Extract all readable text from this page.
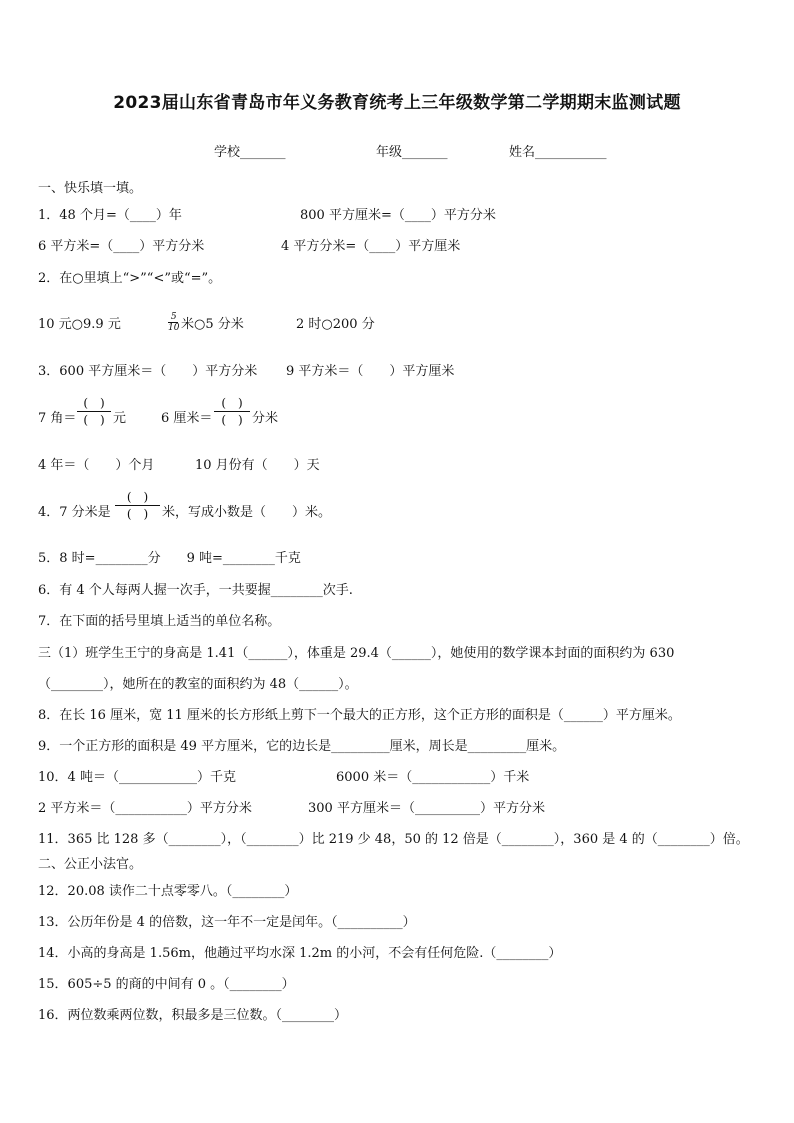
2023届山东省青岛市年义务教育统考上三年级数学第二学期期末监测试题
学校_______	年级_______	姓名___________
一、快乐填一填。
1．48 个月=（____）年	800 平方厘米=（____）平方分米
6 平方米=（____）平方分米	4 平方分米=（____）平方厘米
2．在○里填上“>”“<”或“=”。
10 元○9.9 元	5
10 米○5 分米	2 时○200 分
3．600 平方厘米＝（　　）平方分米 9 平方米＝（　　）平方厘米
7 角＝
(　)
(　) 元	6 厘米＝
(　)
(　) 分米
4 年＝（　　）个月	10 月份有（　　）天
4．7 分米是
(　)
(　)	米，写成小数是（　　）米。
5．8 时=________分　　9 吨=________千克
6．有 4 个人每两人握一次手，一共要握________次手.
7．在下面的括号里填上适当的单位名称。
三（1）班学生王宁的身高是 1.41（______），体重是 29.4（______），她使用的数学课本封面的面积约为 630
（________），她所在的教室的面积约为 48（______）。
8．在长 16 厘米，宽 11 厘米的长方形纸上剪下一个最大的正方形，这个正方形的面积是（______）平方厘米。
9．一个正方形的面积是 49 平方厘米，它的边长是_________厘米，周长是_________厘米。
10．4 吨＝（____________）千克	6000 米＝（____________）千米
2 平方米＝（___________）平方分米	300 平方厘米＝（__________）平方分米
11．365 比 128 多（________），（________）比 219 少 48，50 的 12 倍是（________），360 是 4 的（________）倍。
二、公正小法官。
12．20.08 读作二十点零零八。（________）
13．公历年份是 4 的倍数，这一年不一定是闰年。（__________）
14．小高的身高是 1.56m，他趟过平均水深 1.2m 的小河，不会有任何危险.（________）
15．605÷5 的商的中间有 0 。（________）
16．两位数乘两位数，积最多是三位数。（________）
